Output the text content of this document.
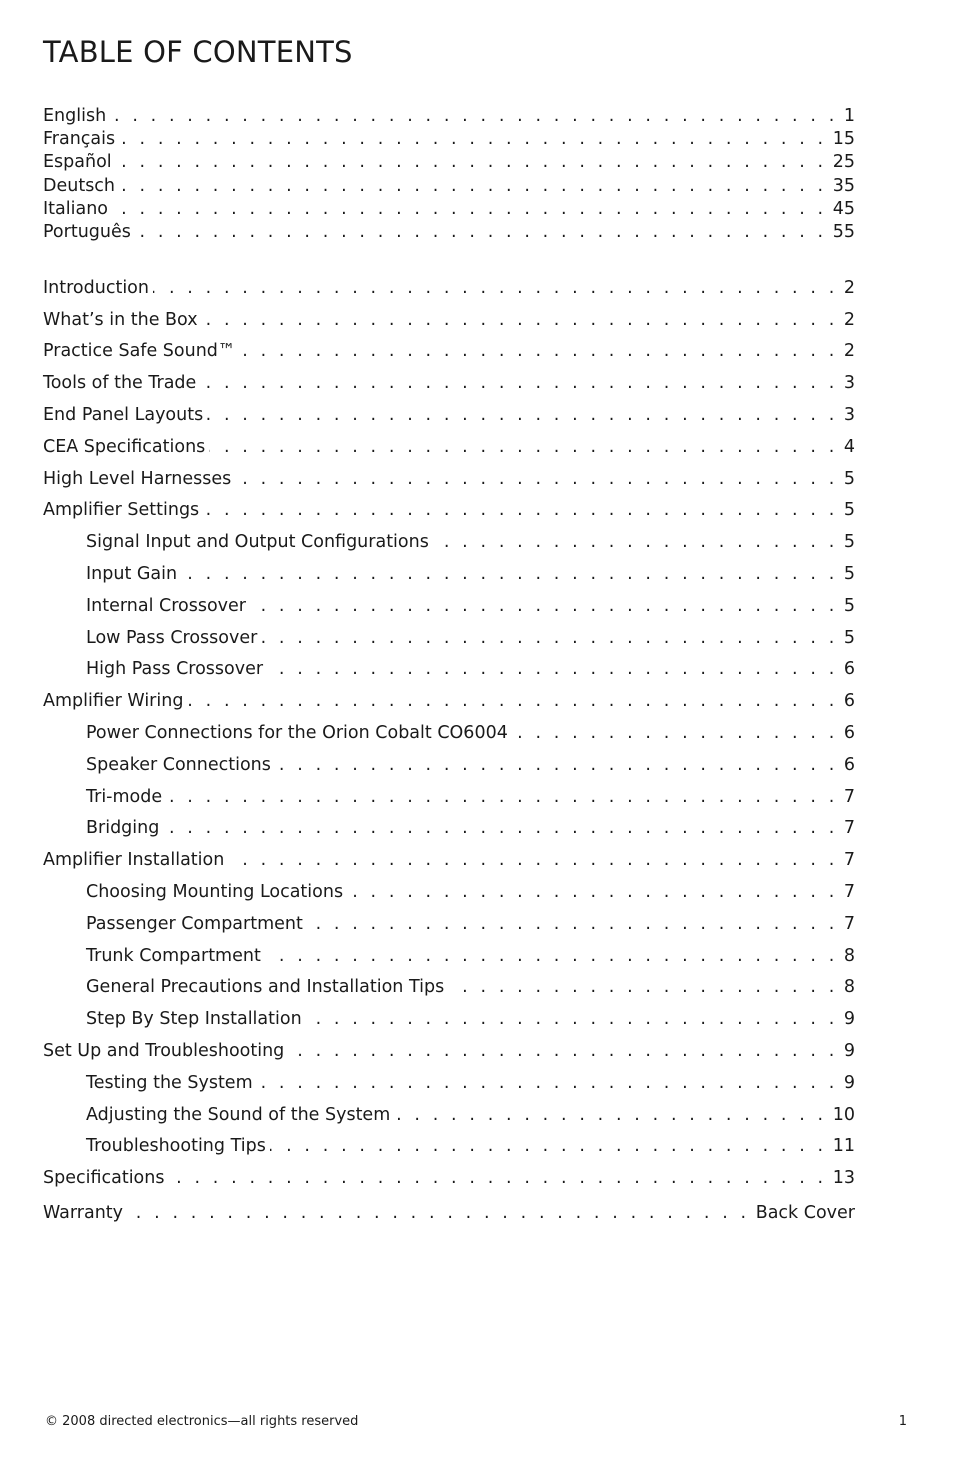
TABLE OF CONTENTS
English . . .	1
Français . . .	15
Español . . .	25
Deutsch . . .	35
Italiano . . .	45
Português . . .	55
Introduction . . .	2
What’s in the Box . . .	2
Practice Safe Sound™ . . .	2
Tools of the Trade . . .	3
End Panel Layouts . . .	3
CEA Specifications . . .	4
High Level Harnesses . . .	5
Amplifier Settings . . .	5
Signal Input and Output Configurations . . .	5
Input Gain . . .	5
Internal Crossover . . .	5
Low Pass Crossover . . .	5
High Pass Crossover . . .	6
Amplifier Wiring . . .	6
Power Connections for the Orion Cobalt CO6004 . . .	6
Speaker Connections . . .	6
Tri-mode . . .	7
Bridging . . .	7
Amplifier Installation . . .	7
Choosing Mounting Locations . . .	7
Passenger Compartment . . .	7
Trunk Compartment . . .	8
General Precautions and Installation Tips . . .	8
Step By Step Installation . . .	9
Set Up and Troubleshooting . . .	9
Testing the System . . .	9
Adjusting the Sound of the System . . .	10
Troubleshooting Tips . . .	11
Specifications . . .	13
Warranty . . .	Back Cover
© 2008 directed electronics—all rights reserved	1
